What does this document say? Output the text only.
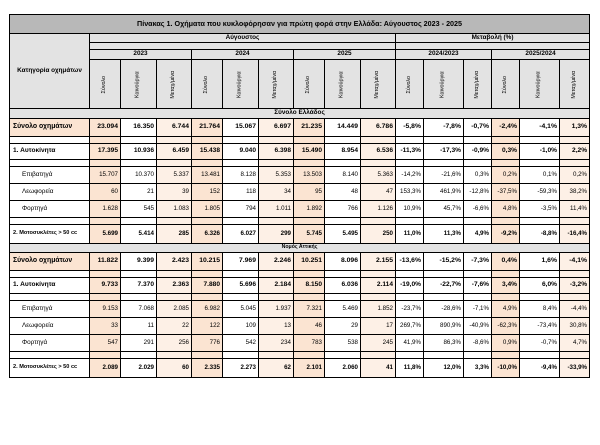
Πίνακας 1. Οχήματα που κυκλοφόρησαν για πρώτη φορά στην Ελλάδα: Αύγουστος 2023 - 2025															
Κατηγορία οχημάτων	Αύγουστος									Μεταβολή (%)					

	2023			2024			2025			2024/2023			2025/2024		
	Σύνολο	Καινούργια	Μεταχ/μένα	Σύνολο	Καινούργια	Μεταχ/μένα	Σύνολο	Καινούργια	Μεταχ/μένα	Σύνολο	Καινούργια	Μεταχ/μένα	Σύνολο	Καινούργια	Μεταχ/μένα
Σύνολο Ελλάδος															
Σύνολο οχημάτων	23.094	16.350	6.744	21.764	15.067	6.697	21.235	14.449	6.786	-5,8%	-7,8%	-0,7%	-2,4%	-4,1%	1,3%

1. Αυτοκίνητα	17.395	10.936	6.459	15.438	9.040	6.398	15.490	8.954	6.536	-11,3%	-17,3%	-0,9%	0,3%	-1,0%	2,2%

Επιβατηγά	15.707	10.370	5.337	13.481	8.128	5.353	13.503	8.140	5.363	-14,2%	-21,6%	0,3%	0,2%	0,1%	0,2%
Λεωφορεία	60	21	39	152	118	34	95	48	47	153,3%	461,9%	-12,8%	-37,5%	-59,3%	38,2%
Φορτηγά	1.628	545	1.083	1.805	794	1.011	1.892	766	1.126	10,9%	45,7%	-6,6%	4,8%	-3,5%	11,4%

2. Μοτοσυκλέτες > 50 cc	5.699	5.414	285	6.326	6.027	299	5.745	5.495	250	11,0%	11,3%	4,9%	-9,2%	-8,8%	-16,4%
Νομός Αττικής															
Σύνολο οχημάτων	11.822	9.399	2.423	10.215	7.969	2.246	10.251	8.096	2.155	-13,6%	-15,2%	-7,3%	0,4%	1,6%	-4,1%

1. Αυτοκίνητα	9.733	7.370	2.363	7.880	5.696	2.184	8.150	6.036	2.114	-19,0%	-22,7%	-7,6%	3,4%	6,0%	-3,2%

Επιβατηγά	9.153	7.068	2.085	6.982	5.045	1.937	7.321	5.469	1.852	-23,7%	-28,6%	-7,1%	4,9%	8,4%	-4,4%
Λεωφορεία	33	11	22	122	109	13	46	29	17	269,7%	890,9%	-40,9%	-62,3%	-73,4%	30,8%
Φορτηγά	547	291	256	776	542	234	783	538	245	41,9%	86,3%	-8,6%	0,9%	-0,7%	4,7%

2. Μοτοσυκλέτες > 50 cc	2.089	2.029	60	2.335	2.273	62	2.101	2.060	41	11,8%	12,0%	3,3%	-10,0%	-9,4%	-33,9%
